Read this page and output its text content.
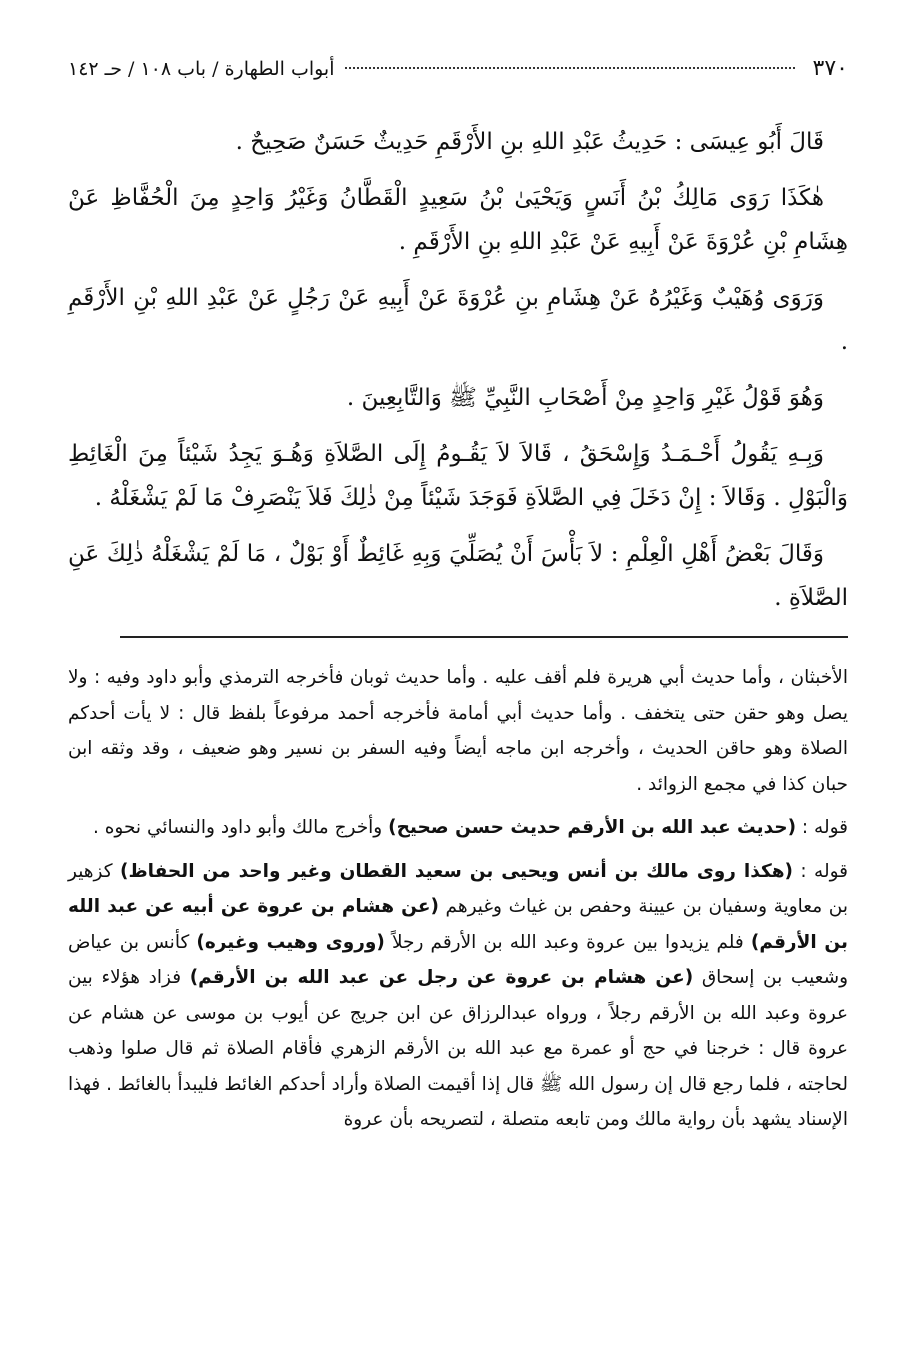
٣٧٠
أبواب الطهارة / باب ١٠٨ / حـ ١٤٢

قَالَ أَبُو عِيسَى : حَدِيثُ عَبْدِ اللهِ بنِ الأَرْقَمِ حَدِيثٌ حَسَنٌ صَحِيحٌ .

هٰكَذَا رَوَى مَالِكُ بْنُ أَنَسٍ وَيَحْيَىٰ بْنُ سَعِيدٍ الْقَطَّانُ وَغَيْرُ وَاحِدٍ مِنَ الْحُفَّاظِ عَنْ هِشَامِ بْنِ عُرْوَةَ عَنْ أَبِيهِ عَنْ عَبْدِ اللهِ بنِ الأَرْقَمِ .

وَرَوَى وُهَيْبٌ وَغَيْرُهُ عَنْ هِشَامِ بنِ عُرْوَةَ عَنْ أَبِيهِ عَنْ رَجُلٍ عَنْ عَبْدِ اللهِ بْنِ الأَرْقَمِ .

وَهُوَ قَوْلُ غَيْرِ وَاحِدٍ مِنْ أَصْحَابِ النَّبِيِّ ﷺ وَالتَّابِعِينَ .

وَبِـهِ يَقُولُ أَحْـمَـدُ وَإِسْحَقُ ، قَالاَ لاَ يَقُـومُ إِلَى الصَّلاَةِ وَهُـوَ يَجِدُ شَيْئاً مِنَ الْغَائِطِ وَالْبَوْلِ . وَقَالاَ : إِنْ دَخَلَ فِي الصَّلاَةِ فَوَجَدَ شَيْئاً مِنْ ذٰلِكَ فَلاَ يَنْصَرِفْ مَا لَمْ يَشْغَلْهُ .

وَقَالَ بَعْضُ أَهْلِ الْعِلْمِ : لاَ بَأْسَ أَنْ يُصَلِّيَ وَبِهِ غَائِطٌ أَوْ بَوْلٌ ، مَا لَمْ يَشْغَلْهُ ذٰلِكَ عَنِ الصَّلاَةِ .

الأخبثان ، وأما حديث أبي هريرة فلم أقف عليه . وأما حديث ثوبان فأخرجه الترمذي وأبو داود وفيه : ولا يصل وهو حقن حتى يتخفف . وأما حديث أبي أمامة فأخرجه أحمد مرفوعاً بلفظ قال : لا يأت أحدكم الصلاة وهو حاقن الحديث ، وأخرجه ابن ماجه أيضاً وفيه السفر بن نسير وهو ضعيف ، وقد وثقه ابن حبان كذا في مجمع الزوائد .

قوله : (حديث عبد الله بن الأرقم حديث حسن صحيح) وأخرج مالك وأبو داود والنسائي نحوه .

قوله : (هكذا روى مالك بن أنس ويحيى بن سعيد القطان وغير واحد من الحفاظ) كزهير بن معاوية وسفيان بن عيينة وحفص بن غياث وغيرهم (عن هشام بن عروة عن أبيه عن عبد الله بن الأرقم) فلم يزيدوا بين عروة وعبد الله بن الأرقم رجلاً (وروى وهيب وغيره) كأنس بن عياض وشعيب بن إسحاق (عن هشام بن عروة عن رجل عن عبد الله بن الأرقم) فزاد هؤلاء بين عروة وعبد الله بن الأرقم رجلاً ، ورواه عبدالرزاق عن ابن جريج عن أيوب بن موسى عن هشام عن عروة قال : خرجنا في حج أو عمرة مع عبد الله بن الأرقم الزهري فأقام الصلاة ثم قال صلوا وذهب لحاجته ، فلما رجع قال إن رسول الله ﷺ قال إذا أقيمت الصلاة وأراد أحدكم الغائط فليبدأ بالغائط . فهذا الإسناد يشهد بأن رواية مالك ومن تابعه متصلة ، لتصريحه بأن عروة
